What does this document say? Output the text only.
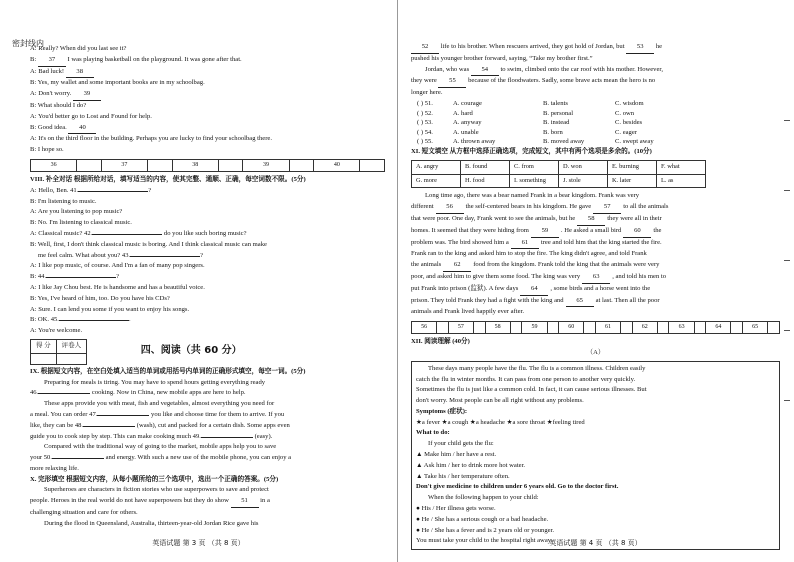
密封线内
A: Really? When did you last see it?
B: 37 I was playing basketball on the playground. It was gone after that.
A: Bad luck! 38
B: Yes, my wallet and some important books are in my schoolbag.
A: Don't worry. 39
B: What should I do?
A: You'd better go to Lost and Found for help.
B: Good idea. 40
A: It's on the third floor in the building. Perhaps you are lucky to find your schoolbag there.
B: I hope so.
36		37		38		39		40	
VIII. 补全对话 根据所给对话，填写适当的内容，使其完整、通顺、正确，每空词数不限。(5分)
A: Hello, Ben. 41.	?
B: I'm listening to music.
A: Are you listening to pop music?
B: No. I'm listening to classical music.
A: Classical music? 42.	do you like such boring music?
B: Well, first, I don't think classical music is boring. And I think classical music can make
me feel calm. What about you? 43.	?
A: I like pop music, of course. And I'm a fan of many pop singers.
B: 44.	?
A: I like Jay Chou best. He is handsome and has a beautiful voice.
B: Yes, I've heard of him, too. Do you have his CDs?
A: Sure. I can lend you some if you want to enjoy his songs.
B: OK. 45.	.
A: You're welcome.
得 分	评卷人
		四、阅读（共 60 分）
IX. 根据短文内容，在空白处填入适当的单词或用括号内单词的正确形式填空，每空一词。(5分)
Preparing for meals is tiring. You may have to spend hours getting everything ready
46.	cooking. Now in China, new mobile apps are here to help.
These apps provide you with meat, fish and vegetables, almost everything you need for
a meal. You can order 47.	you like and choose time for them to arrive. If you
like, they can be 48.	(wash), cut and packed for a certain dish. Some apps even
guide you to cook step by step. This can make cooking much 49.	(easy).
Compared with the traditional way of going to the market, mobile apps help you to save
your 50.	and energy. With such a new use of the mobile phone, you can enjoy a
more relaxing life.
X. 完形填空 根据短文内容，从每小题所给的三个选项中，选出一个正确的答案。(5分)
Superheroes are characters in fiction stories who use superpowers to save and protect
people. Heroes in the real world do not have superpowers but they do show 51 in a
challenging situation and care for others.
During the flood in Queensland, Australia, thirteen-year-old Jordan Rice gave his
英语试题 第 3 页 （共 8 页）
52 life to his brother. When rescuers arrived, they got hold of Jordan, but 53 he
pushed his younger brother forward, saying, “Take my brother first.”
Jordan, who was 54 to swim, climbed onto the car roof with his mother. However,
they were 55 because of the floodwaters. Sadly, some brave acts mean the hero is no
longer here.
( ) 51.	A. courage	B. talents	C. wisdom
( ) 52.	A. hard	B. personal	C. own
( ) 53.	A. anyway	B. instead	C. besides
( ) 54.	A. unable	B. born	C. eager
( ) 55.	A. thrown away	B. moved away	C. swept away
XI. 短文填空 从方框中选择正确选项，完成短文，其中有两个选项是多余的。(10分)
A. angry	B. found	C. from	D. won	E. burning	F. what
G. more	H. food	I. something	J. stole	K. later	L. as
Long time ago, there was a bear named Frank in a bear kingdom. Frank was very
different 56 the self-centered bears in his kingdom. He gave 57 to all the animals
that were poor. One day, Frank went to see the animals, but he 58 they were all in their
homes. It seemed that they were hiding from 59 . He asked a small bird 60 the
problem was. The bird showed him a 61 tree and told him that the king started the fire.
Frank ran to the king and asked him to stop the fire. The king didn't agree, and told Frank
the animals 62 food from the kingdom. Frank told the king that the animals were very
poor, and asked him to give them some food. The king was very 63 , and told his men to
put Frank into prison (监狱). A few days 64 , some birds and a horse went into the
prison. They told Frank they had a fight with the king and 65 at last. Then all the poor
animals and Frank lived happily ever after.
56		57		58		59		60		61		62		63		64		65	
XII. 阅读理解 (40分)
（A）
These days many people have the flu. The flu is a common illness. Children easily
catch the flu in winter months. It can pass from one person to another very quickly.
Sometimes the flu is just like a common cold. In fact, it can cause serious illnesses. But
don't worry. Most people can be all right without any problems.
Symptoms (症状):
★a fever ★a cough ★a headache ★a sore throat ★feeling tired
What to do:
If your child gets the flu:
▲ Make him / her have a rest.
▲ Ask him / her to drink more hot water.
▲ Take his / her temperature often.
Don't give medicine to children under 6 years old. Go to the doctor first.
When the following happen to your child:
● His / Her illness gets worse.
● He / She has a serious cough or a bad headache.
● He / She has a fever and is 2 years old or younger.
You must take your child to the hospital right away.
英语试题 第 4 页 （共 8 页）
